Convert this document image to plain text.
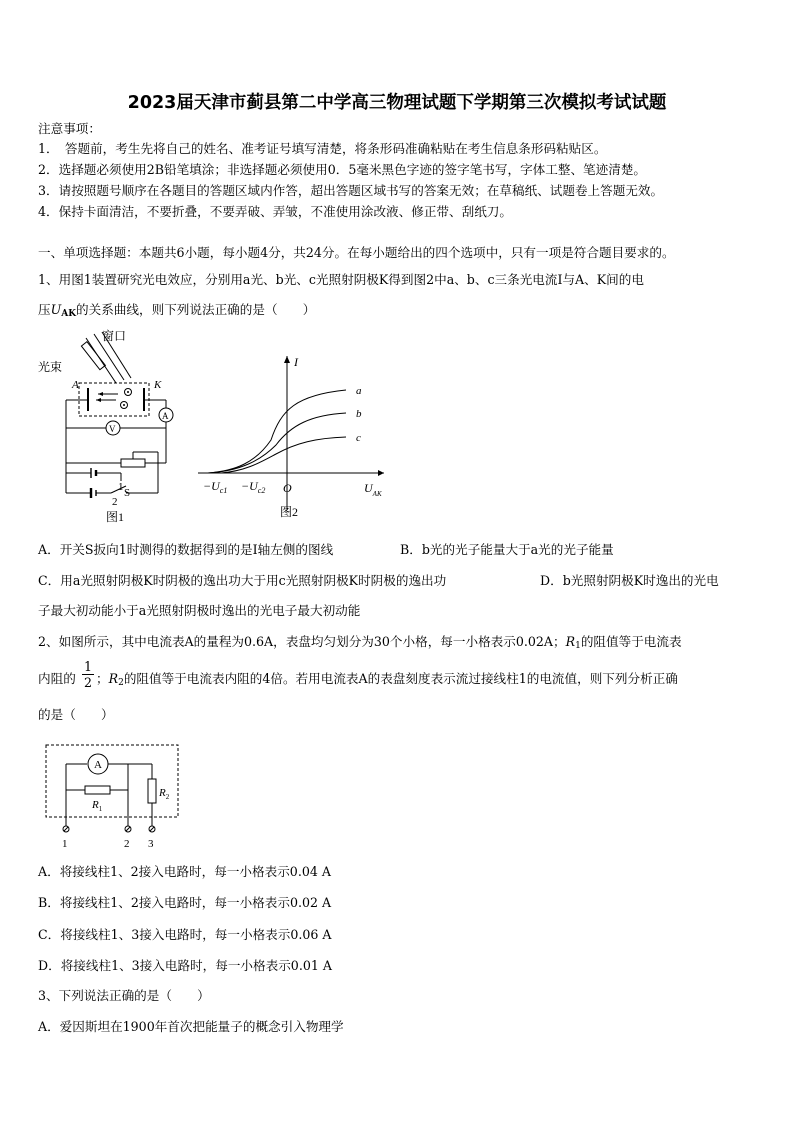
2023届天津市蓟县第二中学高三物理试题下学期第三次模拟考试试题
注意事项：
1．　答题前，考生先将自己的姓名、准考证号填写清楚，将条形码准确粘贴在考生信息条形码粘贴区。
2．选择题必须使用2B铅笔填涂；非选择题必须使用0．5毫米黑色字迹的签字笔书写，字体工整、笔迹清楚。
3．请按照题号顺序在各题目的答题区域内作答，超出答题区域书写的答案无效；在草稿纸、试题卷上答题无效。
4．保持卡面清洁，不要折叠，不要弄破、弄皱，不准使用涂改液、修正带、刮纸刀。
一、单项选择题：本题共6小题，每小题4分，共24分。在每小题给出的四个选项中，只有一项是符合题目要求的。
1、用图1装置研究光电效应，分别用a光、b光、c光照射阴极K得到图2中a、b、c三条光电流I与A、K间的电
压$U_{AK}$的关系曲线，则下列说法正确的是（　　）
窗口
光束
A	K
A
V
1 S
2
图1
I
a
b
c
$-U_{c1} -U_{c2}$ O	$U_{AK}$
图2
A．开关S扳向1时测得的数据得到的是I轴左侧的图线	B．b光的光子能量大于a光的光子能量
C．用a光照射阴极K时阴极的逸出功大于用c光照射阴极K时阴极的逸出功	D．b光照射阴极K时逸出的光电
子最大初动能小于a光照射阴极时逸出的光电子最大初动能
2、如图所示，其中电流表A的量程为0.6A，表盘均匀划分为30个小格，每一小格表示0.02A；$R_1$的阻值等于电流表
内阻的 $\frac{1}{2}$ ；$R_2$的阻值等于电流表内阻的4倍。若用电流表A的表盘刻度表示流过接线柱1的电流值，则下列分析正确
的是（　　）
A
$R_1$
$R_2$
1	2 3
A．将接线柱1、2接入电路时，每一小格表示0.04 A
B．将接线柱1、2接入电路时，每一小格表示0.02 A
C．将接线柱1、3接入电路时，每一小格表示0.06 A
D．将接线柱1、3接入电路时，每一小格表示0.01 A
3、下列说法正确的是（　　）
A．爱因斯坦在1900年首次把能量子的概念引入物理学
